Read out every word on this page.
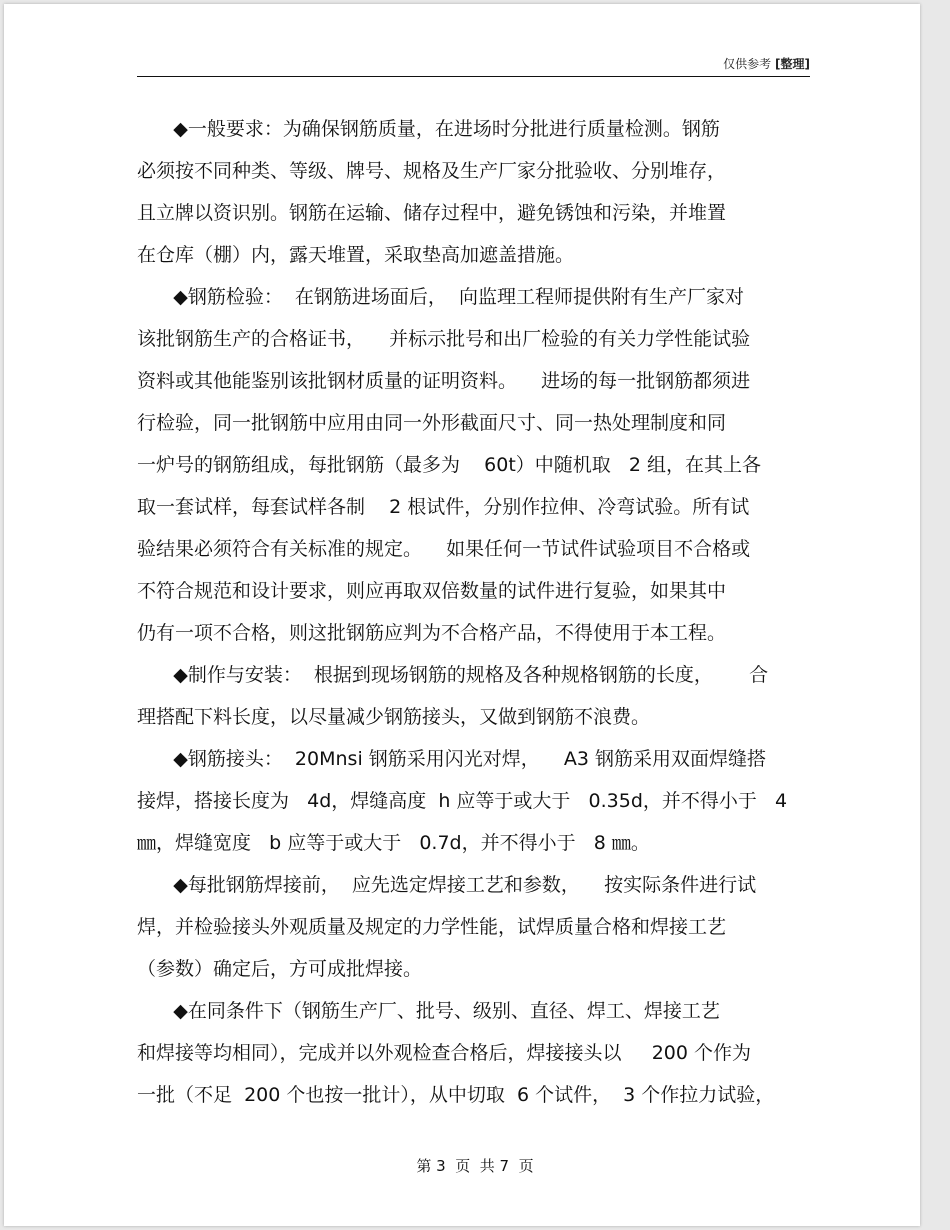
仅供参考 [整理]
◆一般要求：为确保钢筋质量，在进场时分批进行质量检测。钢筋
必须按不同种类、等级、牌号、规格及生产厂家分批验收、分别堆存，
且立牌以资识别。钢筋在运输、储存过程中，避免锈蚀和污染，并堆置
在仓库（棚）内，露天堆置，采取垫高加遮盖措施。
◆钢筋检验：  在钢筋进场面后，  向监理工程师提供附有生产厂家对
该批钢筋生产的合格证书，    并标示批号和出厂检验的有关力学性能试验
资料或其他能鉴别该批钢材质量的证明资料。    进场的每一批钢筋都须进
行检验，同一批钢筋中应用由同一外形截面尺寸、同一热处理制度和同
一炉号的钢筋组成，每批钢筋（最多为    60t）中随机取   2 组，在其上各
取一套试样，每套试样各制    2 根试件，分别作拉伸、冷弯试验。所有试
验结果必须符合有关标准的规定。    如果任何一节试件试验项目不合格或
不符合规范和设计要求，则应再取双倍数量的试件进行复验，如果其中
仍有一项不合格，则这批钢筋应判为不合格产品，不得使用于本工程。
◆制作与安装：  根据到现场钢筋的规格及各种规格钢筋的长度，      合
理搭配下料长度，以尽量减少钢筋接头，又做到钢筋不浪费。
◆钢筋接头：  20Mnsi 钢筋采用闪光对焊，    A3 钢筋采用双面焊缝搭
接焊，搭接长度为   4d，焊缝高度  h 应等于或大于   0.35d，并不得小于   4
㎜，焊缝宽度   b 应等于或大于   0.7d，并不得小于   8 ㎜。
◆每批钢筋焊接前，  应先选定焊接工艺和参数，    按实际条件进行试
焊，并检验接头外观质量及规定的力学性能，试焊质量合格和焊接工艺
（参数）确定后，方可成批焊接。
◆在同条件下（钢筋生产厂、批号、级别、直径、焊工、焊接工艺
和焊接等均相同），完成并以外观检查合格后，焊接接头以     200 个作为
一批（不足  200 个也按一批计），从中切取  6 个试件，  3 个作拉力试验，
第 3  页  共 7  页
